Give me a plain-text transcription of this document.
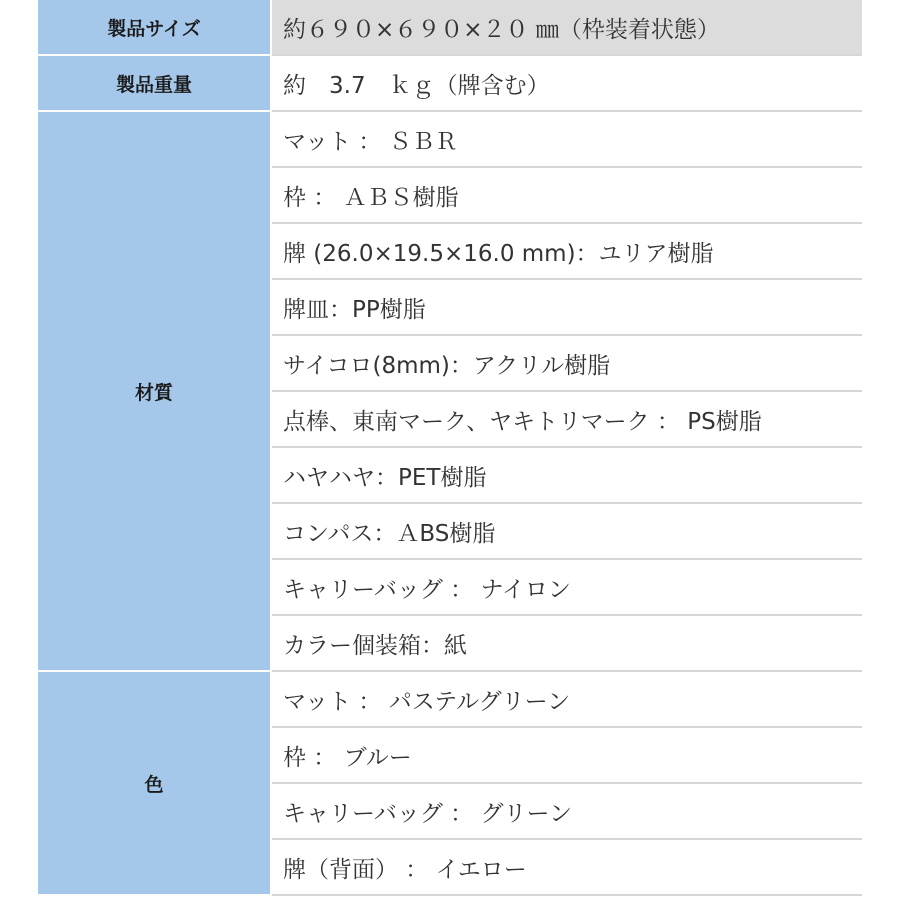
製品サイズ	約６９０×６９０×２０ ㎜（枠装着状態）
製品重量	約　3.7　ｋｇ（牌含む）
材質	マット ： ＳＢＲ
	枠 ： ＡＢＳ樹脂
	牌 (26.0×19.5×16.0 mm)：ユリア樹脂
	牌皿：PP樹脂
	サイコロ(8mm)：アクリル樹脂
	点棒、東南マーク、ヤキトリマーク ： PS樹脂
	ハヤハヤ：PET樹脂
	コンパス：ＡBS樹脂
	キャリーバッグ ： ナイロン
	カラー個装箱：紙
色	マット ： パステルグリーン
	枠 ： ブルー
	キャリーバッグ ： グリーン
	牌（背面） ： イエロー
